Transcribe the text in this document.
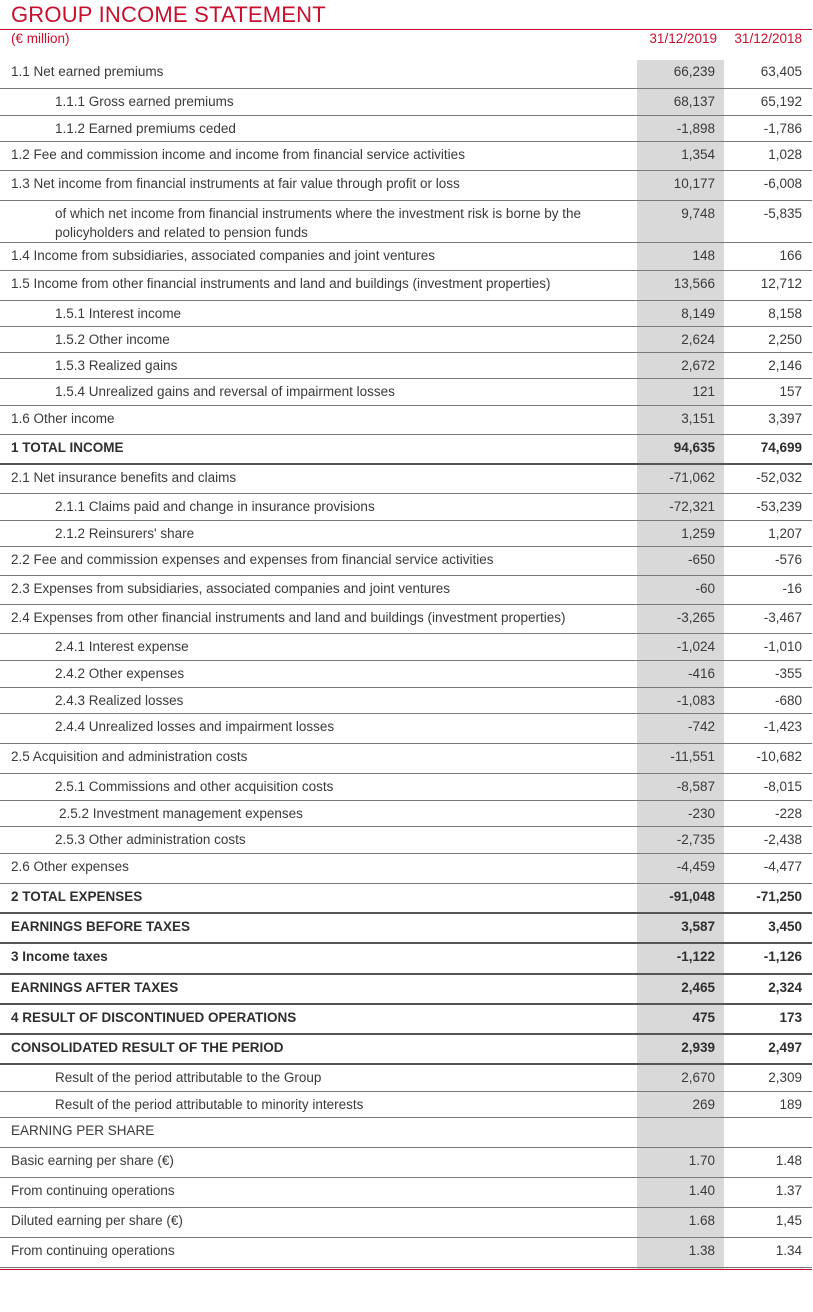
GROUP INCOME STATEMENT
(€ million)	31/12/2019	31/12/2018
1.1 Net earned premiums	66,239	63,405
1.1.1 Gross earned premiums	68,137	65,192
1.1.2 Earned premiums ceded	-1,898	-1,786
1.2 Fee and commission income and income from financial service activities	1,354	1,028
1.3 Net income from financial instruments at fair value through profit or loss	10,177	-6,008
of which net income from financial instruments where the investment risk is borne by the
policyholders and related to pension funds
9,748	-5,835
1.4 Income from subsidiaries, associated companies and joint ventures	148	166
1.5 Income from other financial instruments and land and buildings (investment properties)	13,566	12,712
1.5.1 Interest income	8,149	8,158
1.5.2 Other income	2,624	2,250
1.5.3 Realized gains	2,672	2,146
1.5.4 Unrealized gains and reversal of impairment losses	121	157
1.6 Other income	3,151	3,397
1 TOTAL INCOME	94,635	74,699
2.1 Net insurance benefits and claims	-71,062	-52,032
2.1.1 Claims paid and change in insurance provisions	-72,321	-53,239
2.1.2 Reinsurers' share	1,259	1,207
2.2 Fee and commission expenses and expenses from financial service activities	-650	-576
2.3 Expenses from subsidiaries, associated companies and joint ventures	-60	-16
2.4 Expenses from other financial instruments and land and buildings (investment properties)	-3,265	-3,467
2.4.1 Interest expense	-1,024	-1,010
2.4.2 Other expenses	-416	-355
2.4.3 Realized losses	-1,083	-680
2.4.4 Unrealized losses and impairment losses	-742	-1,423
2.5 Acquisition and administration costs	-11,551	-10,682
2.5.1 Commissions and other acquisition costs	-8,587	-8,015
2.5.2 Investment management expenses	-230	-228
2.5.3 Other administration costs	-2,735	-2,438
2.6 Other expenses	-4,459	-4,477
2 TOTAL EXPENSES	-91,048	-71,250
EARNINGS BEFORE TAXES	3,587	3,450
3 Income taxes	-1,122	-1,126
EARNINGS AFTER TAXES	2,465	2,324
4 RESULT OF DISCONTINUED OPERATIONS	475	173
CONSOLIDATED RESULT OF THE PERIOD	2,939	2,497
Result of the period attributable to the Group	2,670	2,309
Result of the period attributable to minority interests	269	189
EARNING PER SHARE
Basic earning per share (€)	1.70	1.48
From continuing operations	1.40	1.37
Diluted earning per share (€)	1.68	1,45
From continuing operations	1.38	1.34
